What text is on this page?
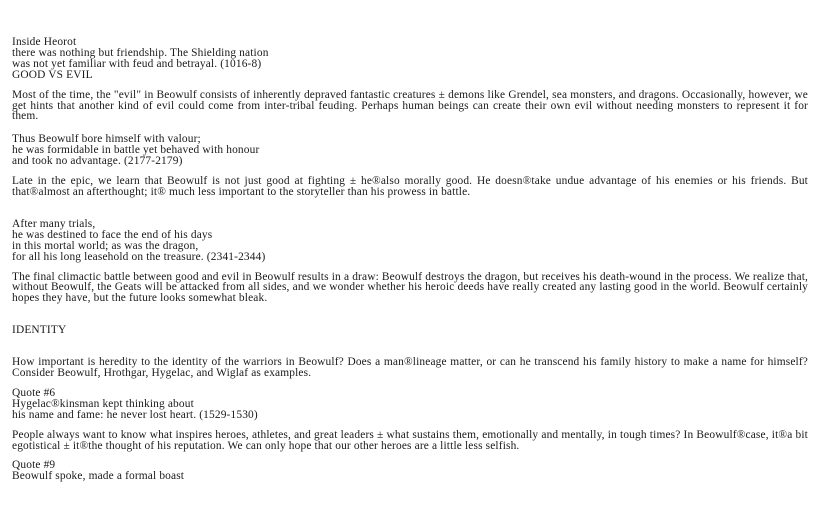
Inside Heorot
there was nothing but friendship. The Shielding nation
was not yet familiar with feud and betrayal. (1016-8)
GOOD VS EVIL
Most of the time, the "evil" in Beowulf consists of inherently depraved fantastic creatures ± demons like Grendel, sea monsters, and dragons. Occasionally, however, we get hints that another kind of evil could come from inter-tribal feuding. Perhaps human beings can create their own evil without needing monsters to represent it for them.
Thus Beowulf bore himself with valour;
he was formidable in battle yet behaved with honour
and took no advantage. (2177-2179)
Late in the epic, we learn that Beowulf is not just good at fighting ± he®also morally good. He doesn®take undue advantage of his enemies or his friends. But that®almost an afterthought; it® much less important to the storyteller than his prowess in battle.
After many trials,
he was destined to face the end of his days
in this mortal world; as was the dragon,
for all his long leasehold on the treasure. (2341-2344)
The final climactic battle between good and evil in Beowulf results in a draw: Beowulf destroys the dragon, but receives his death-wound in the process. We realize that, without Beowulf, the Geats will be attacked from all sides, and we wonder whether his heroic deeds have really created any lasting good in the world. Beowulf certainly hopes they have, but the future looks somewhat bleak.
IDENTITY
How important is heredity to the identity of the warriors in Beowulf? Does a man®lineage matter, or can he transcend his family history to make a name for himself? Consider Beowulf, Hrothgar, Hygelac, and Wiglaf as examples.
Quote #6
Hygelac®kinsman kept thinking about
his name and fame: he never lost heart. (1529-1530)
People always want to know what inspires heroes, athletes, and great leaders ± what sustains them, emotionally and mentally, in tough times? In Beowulf®case, it®a bit egotistical ± it®the thought of his reputation. We can only hope that our other heroes are a little less selfish.
Quote #9
Beowulf spoke, made a formal boast
